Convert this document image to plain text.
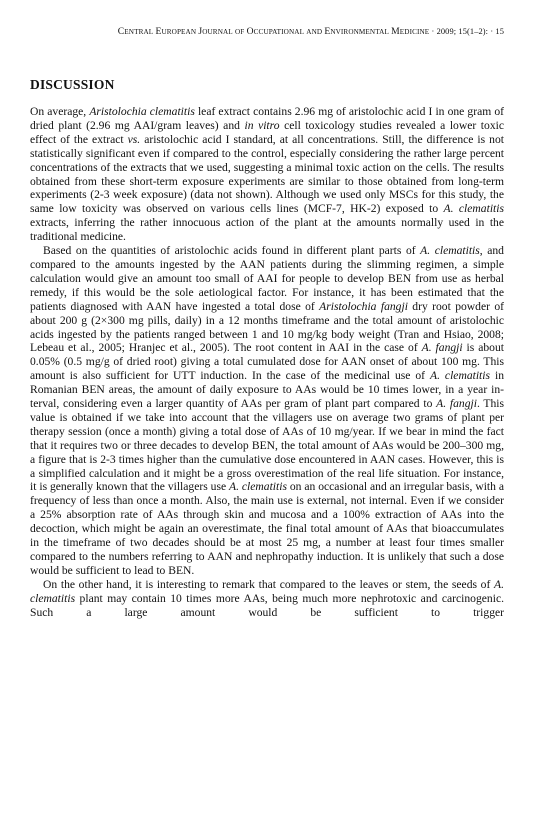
CENTRAL EUROPEAN JOURNAL OF OCCUPATIONAL AND ENVIRONMENTAL MEDICINE · 2009; 15(1–2): · 15
DISCUSSION

On average, Aristolochia clematitis leaf extract contains 2.96 mg of aristolochic acid I in one gram of dried plant (2.96 mg AAI/gram leaves) and in vitro cell toxicology studies revealed a lower toxic effect of the extract vs. aristolochic acid I standard, at all concentrations. Still, the difference is not statistically significant even if compared to the control, especially considering the rather large percent concentrations of the extracts that we used, suggesting a minimal toxic action on the cells. The results obtained from these short-term exposure experiments are similar to those obtained from long-term experiments (2-3 week exposure) (data not shown). Although we used only MSCs for this study, the same low toxicity was observed on various cells lines (MCF-7, HK-2) exposed to A. clematitis extracts, inferring the rather innocuous action of the plant at the amounts normally used in the traditional medicine.

Based on the quantities of aristolochic acids found in different plant parts of A. clematitis, and compared to the amounts ingested by the AAN patients during the slimming regimen, a simple calculation would give an amount too small of AAI for people to develop BEN from use as herbal remedy, if this would be the sole aetiological factor. For instance, it has been estimated that the patients diagnosed with AAN have ingested a total dose of Aristolochia fangji dry root powder of about 200 g (2×300 mg pills, daily) in a 12 months timeframe and the total amount of aristolochic acids ingested by the patients ranged between 1 and 10 mg/kg body weight (Tran and Hsiao, 2008; Lebeau et al., 2005; Hranjec et al., 2005). The root content in AAI in the case of A. fangji is about 0.05% (0.5 mg/g of dried root) giving a total cumulated dose for AAN onset of about 100 mg. This amount is also sufficient for UTT induction. In the case of the medicinal use of A. clematitis in Romanian BEN areas, the amount of daily exposure to AAs would be 10 times lower, in a year interval, considering even a larger quantity of AAs per gram of plant part compared to A. fangji. This value is obtained if we take into account that the villagers use on average two grams of plant per therapy session (once a month) giving a total dose of AAs of 10 mg/year. If we bear in mind the fact that it requires two or three decades to develop BEN, the total amount of AAs would be 200–300 mg, a figure that is 2-3 times higher than the cumulative dose encountered in AAN cases. However, this is a simplified calculation and it might be a gross overestimation of the real life situation. For instance, it is generally known that the villagers use A. clematitis on an occasional and an irregular basis, with a frequency of less than once a month. Also, the main use is external, not internal. Even if we consider a 25% absorption rate of AAs through skin and mucosa and a 100% extraction of AAs into the decoction, which might be again an overestimate, the final total amount of AAs that bioaccumulates in the timeframe of two decades should be at most 25 mg, a number at least four times smaller compared to the numbers referring to AAN and nephropathy induction. It is unlikely that such a dose would be sufficient to lead to BEN.

On the other hand, it is interesting to remark that compared to the leaves or stem, the seeds of A. clematitis plant may contain 10 times more AAs, being much more nephrotoxic and carcinogenic. Such a large amount would be sufficient to trigger
